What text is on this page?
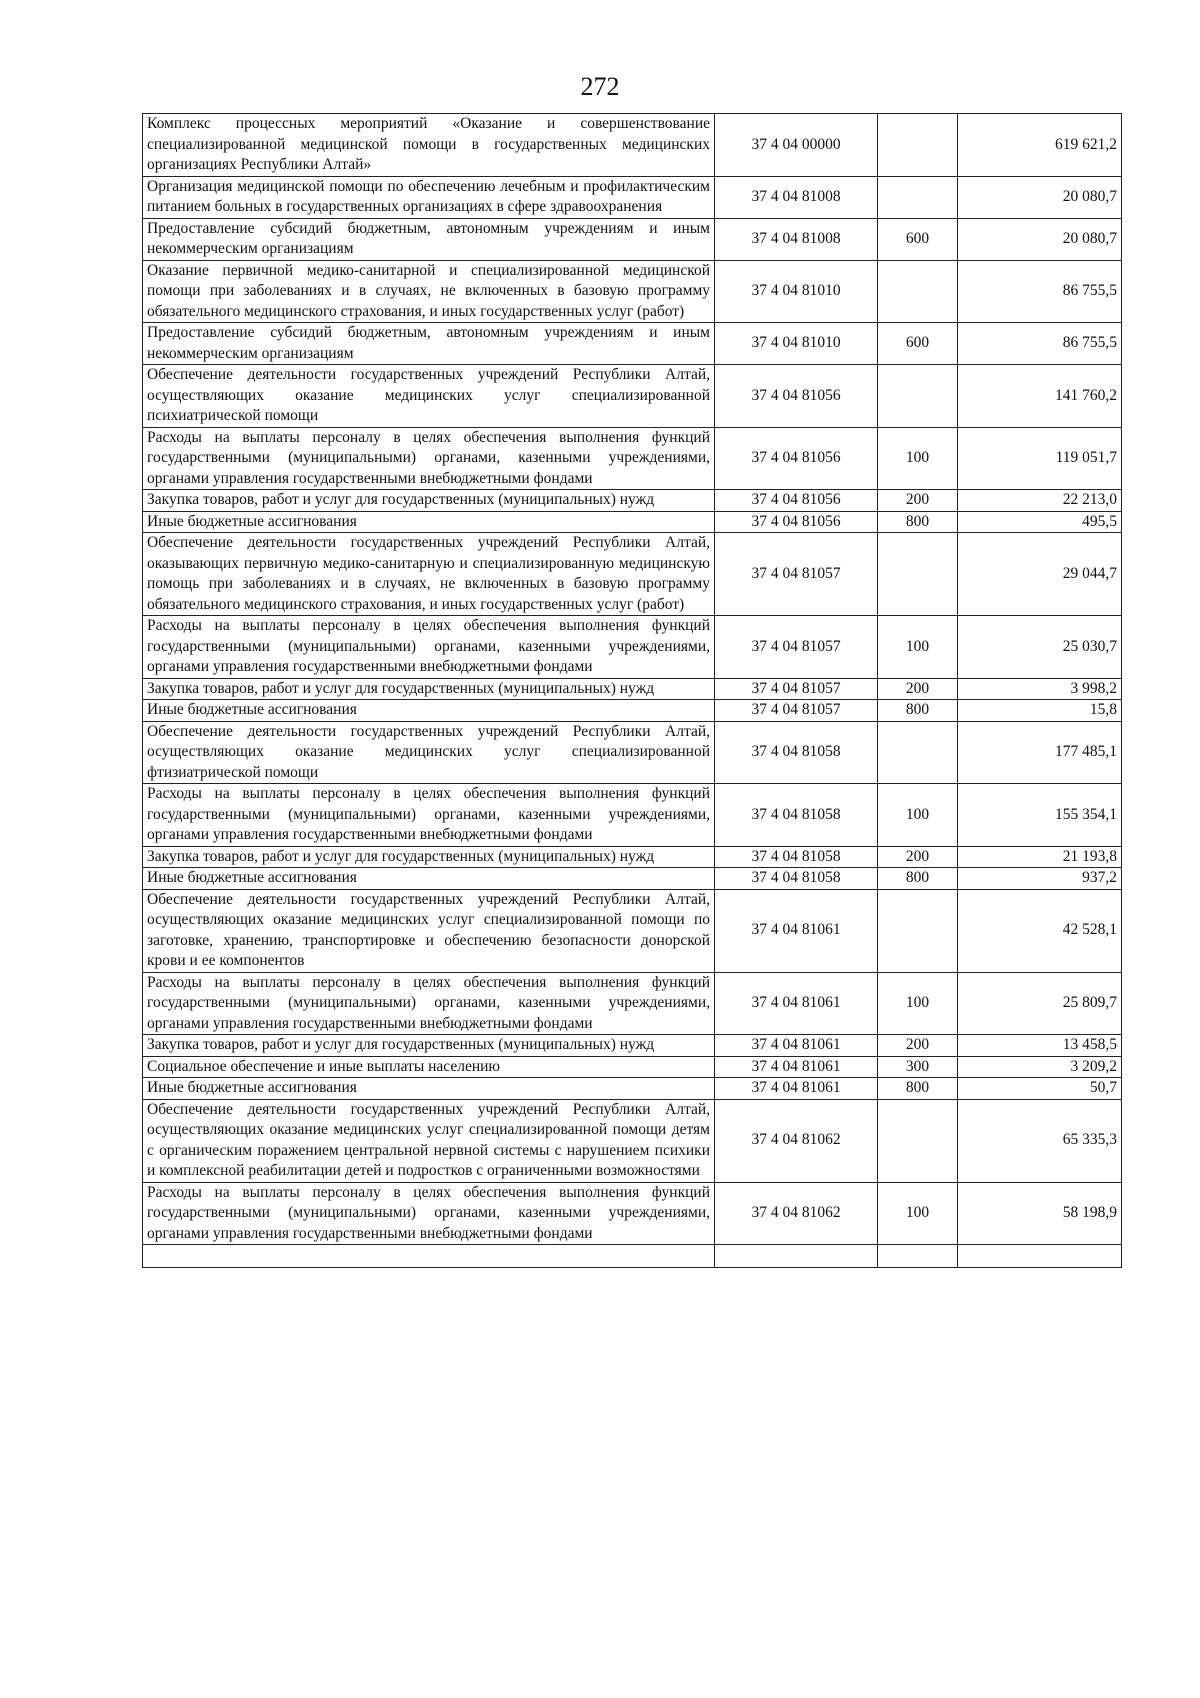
272
Комплекс процессных мероприятий «Оказание и совершенствование специализированной медицинской помощи в государственных медицинских организациях Республики Алтай»	37 4 04 00000		619 621,2
Организация медицинской помощи по обеспечению лечебным и профилактическим питанием больных в государственных организациях в сфере здравоохранения	37 4 04 81008		20 080,7
Предоставление субсидий бюджетным, автономным учреждениям и иным некоммерческим организациям	37 4 04 81008	600	20 080,7
Оказание первичной медико-санитарной и специализированной медицинской помощи при заболеваниях и в случаях, не включенных в базовую программу обязательного медицинского страхования, и иных государственных услуг (работ)	37 4 04 81010		86 755,5
Предоставление субсидий бюджетным, автономным учреждениям и иным некоммерческим организациям	37 4 04 81010	600	86 755,5
Обеспечение деятельности государственных учреждений Республики Алтай, осуществляющих оказание медицинских услуг специализированной психиатрической помощи	37 4 04 81056		141 760,2
Расходы на выплаты персоналу в целях обеспечения выполнения функций государственными (муниципальными) органами, казенными учреждениями, органами управления государственными внебюджетными фондами	37 4 04 81056	100	119 051,7
Закупка товаров, работ и услуг для государственных (муниципальных) нужд	37 4 04 81056	200	22 213,0
Иные бюджетные ассигнования	37 4 04 81056	800	495,5
Обеспечение деятельности государственных учреждений Республики Алтай, оказывающих первичную медико-санитарную и специализированную медицинскую помощь при заболеваниях и в случаях, не включенных в базовую программу обязательного медицинского страхования, и иных государственных услуг (работ)	37 4 04 81057		29 044,7
Расходы на выплаты персоналу в целях обеспечения выполнения функций государственными (муниципальными) органами, казенными учреждениями, органами управления государственными внебюджетными фондами	37 4 04 81057	100	25 030,7
Закупка товаров, работ и услуг для государственных (муниципальных) нужд	37 4 04 81057	200	3 998,2
Иные бюджетные ассигнования	37 4 04 81057	800	15,8
Обеспечение деятельности государственных учреждений Республики Алтай, осуществляющих оказание медицинских услуг специализированной фтизиатрической помощи	37 4 04 81058		177 485,1
Расходы на выплаты персоналу в целях обеспечения выполнения функций государственными (муниципальными) органами, казенными учреждениями, органами управления государственными внебюджетными фондами	37 4 04 81058	100	155 354,1
Закупка товаров, работ и услуг для государственных (муниципальных) нужд	37 4 04 81058	200	21 193,8
Иные бюджетные ассигнования	37 4 04 81058	800	937,2
Обеспечение деятельности государственных учреждений Республики Алтай, осуществляющих оказание медицинских услуг специализированной помощи по заготовке, хранению, транспортировке и обеспечению безопасности донорской крови и ее компонентов	37 4 04 81061		42 528,1
Расходы на выплаты персоналу в целях обеспечения выполнения функций государственными (муниципальными) органами, казенными учреждениями, органами управления государственными внебюджетными фондами	37 4 04 81061	100	25 809,7
Закупка товаров, работ и услуг для государственных (муниципальных) нужд	37 4 04 81061	200	13 458,5
Социальное обеспечение и иные выплаты населению	37 4 04 81061	300	3 209,2
Иные бюджетные ассигнования	37 4 04 81061	800	50,7
Обеспечение деятельности государственных учреждений Республики Алтай, осуществляющих оказание медицинских услуг специализированной помощи детям с органическим поражением центральной нервной системы с нарушением психики и комплексной реабилитации детей и подростков с ограниченными возможностями	37 4 04 81062		65 335,3
Расходы на выплаты персоналу в целях обеспечения выполнения функций государственными (муниципальными) органами, казенными учреждениями, органами управления государственными внебюджетными фондами	37 4 04 81062	100	58 198,9
